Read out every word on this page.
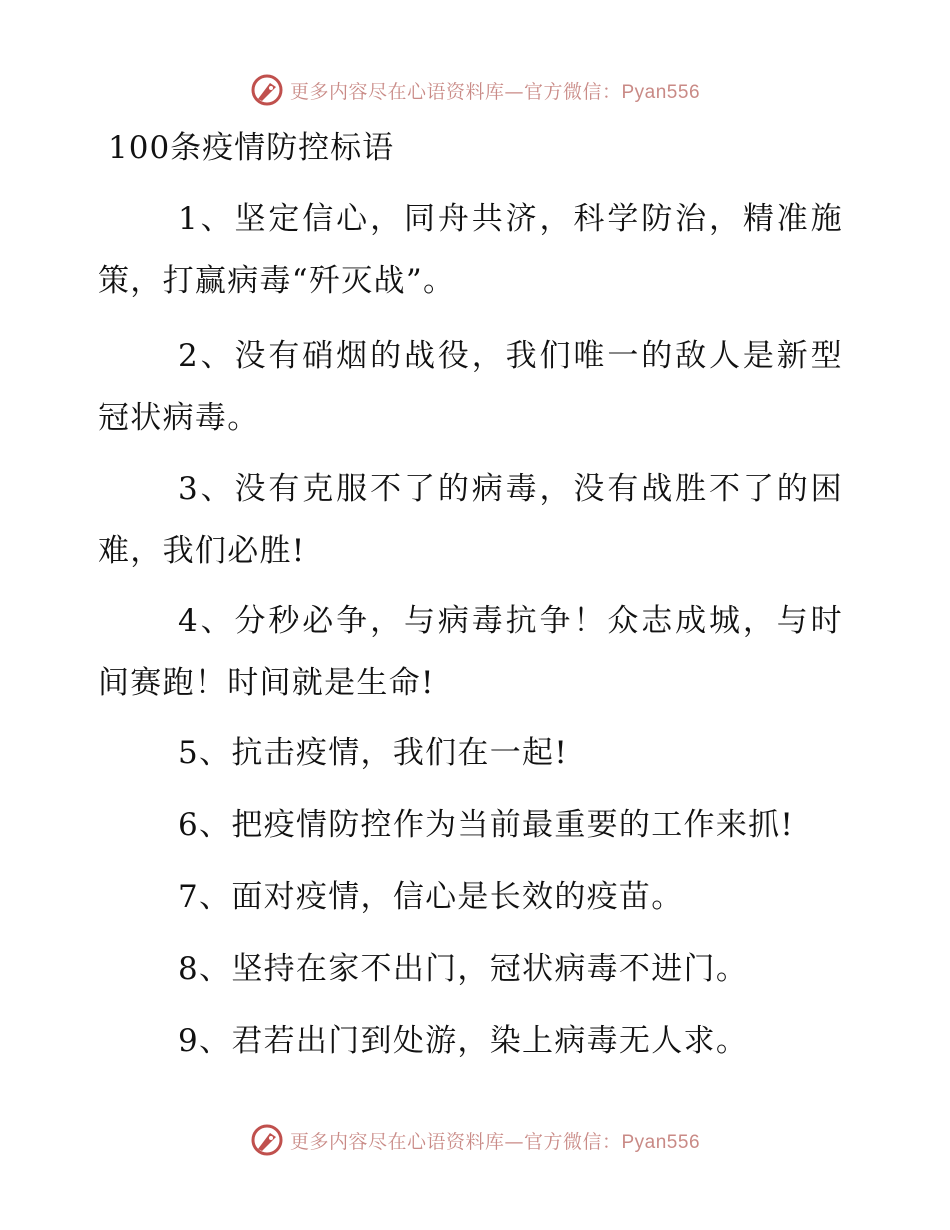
更多内容尽在心语资料库—官方微信：Pyan556
100条疫情防控标语

1、坚定信心，同舟共济，科学防治，精准施策，打赢病毒“歼灭战”。

2、没有硝烟的战役，我们唯一的敌人是新型冠状病毒。

3、没有克服不了的病毒，没有战胜不了的困难，我们必胜!

4、分秒必争，与病毒抗争！众志成城，与时间赛跑！时间就是生命!

5、抗击疫情，我们在一起!

6、把疫情防控作为当前最重要的工作来抓!

7、面对疫情，信心是长效的疫苗。

8、坚持在家不出门，冠状病毒不进门。

9、君若出门到处游，染上病毒无人求。

更多内容尽在心语资料库—官方微信：Pyan556
